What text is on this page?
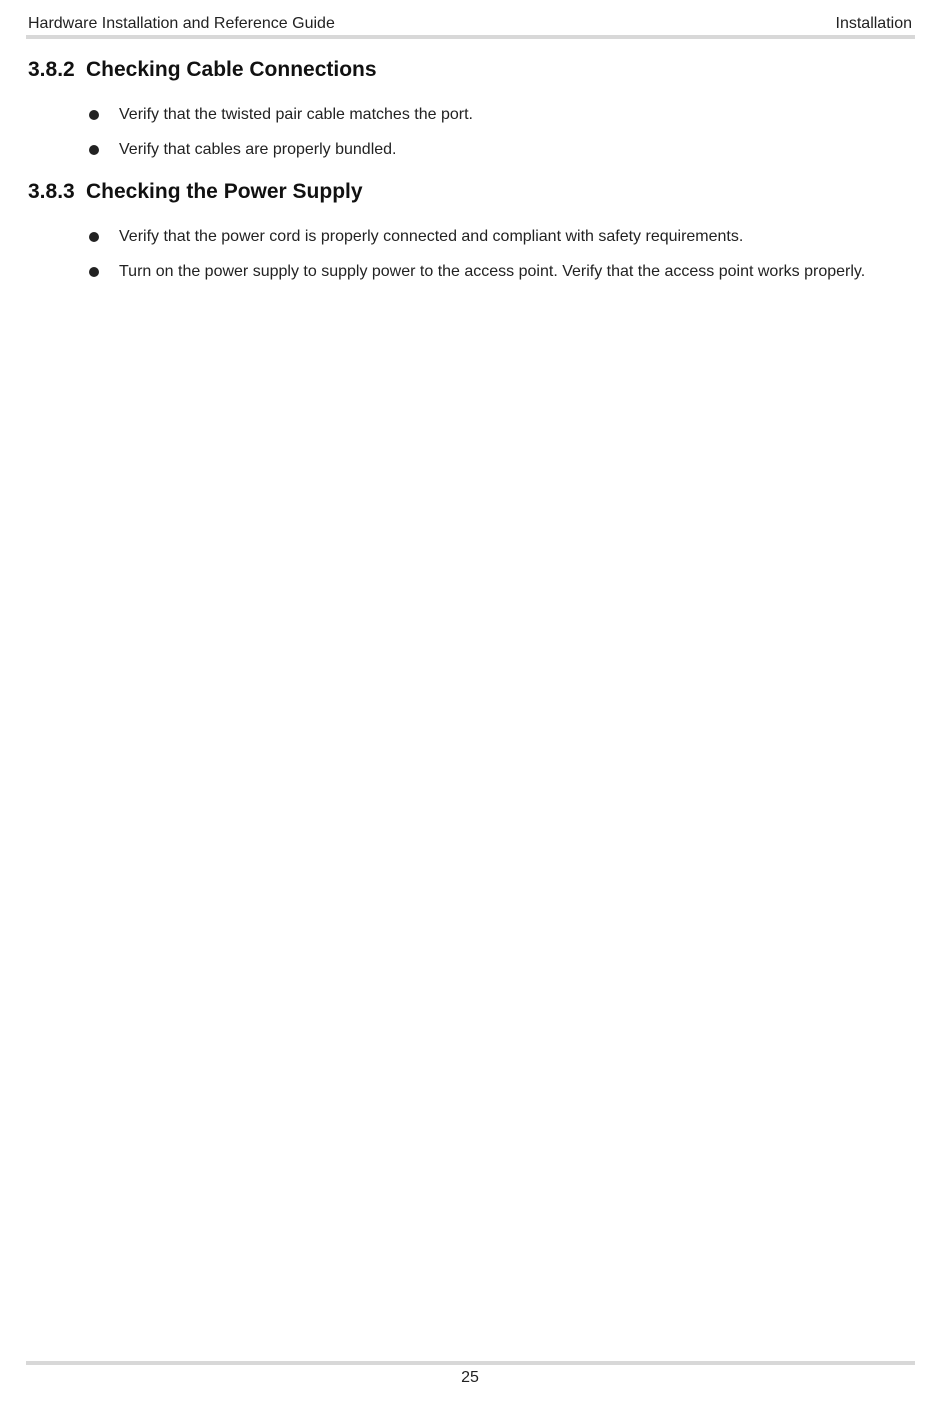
Hardware Installation and Reference Guide	Installation
3.8.2 Checking Cable Connections
Verify that the twisted pair cable matches the port.
Verify that cables are properly bundled.
3.8.3 Checking the Power Supply
Verify that the power cord is properly connected and compliant with safety requirements.
Turn on the power supply to supply power to the access point. Verify that the access point works properly.
25
